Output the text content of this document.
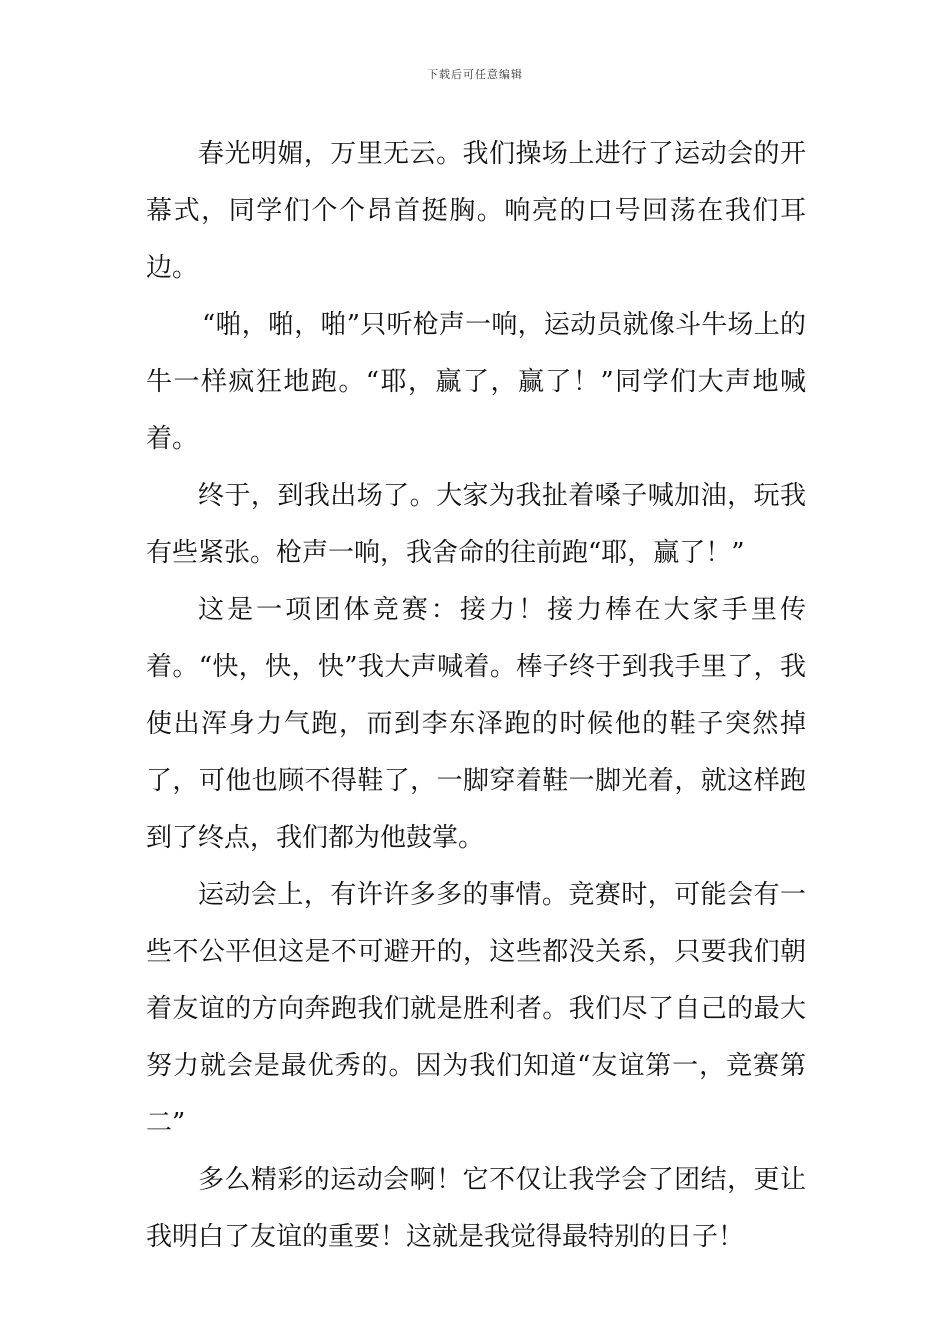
下载后可任意编辑

春光明媚，万里无云。我们操场上进行了运动会的开幕式，同学们个个昂首挺胸。响亮的口号回荡在我们耳边。

“啪，啪，啪”只听枪声一响，运动员就像斗牛场上的牛一样疯狂地跑。“耶，赢了，赢了！”同学们大声地喊着。

终于，到我出场了。大家为我扯着嗓子喊加油，玩我有些紧张。枪声一响，我舍命的往前跑“耶，赢了！”

这是一项团体竞赛：接力！接力棒在大家手里传着。“快，快，快”我大声喊着。棒子终于到我手里了，我使出浑身力气跑，而到李东泽跑的时候他的鞋子突然掉了，可他也顾不得鞋了，一脚穿着鞋一脚光着，就这样跑到了终点，我们都为他鼓掌。

运动会上，有许许多多的事情。竞赛时，可能会有一些不公平但这是不可避开的，这些都没关系，只要我们朝着友谊的方向奔跑我们就是胜利者。我们尽了自己的最大努力就会是最优秀的。因为我们知道“友谊第一，竞赛第二”

多么精彩的运动会啊！它不仅让我学会了团结，更让我明白了友谊的重要！这就是我觉得最特别的日子！
